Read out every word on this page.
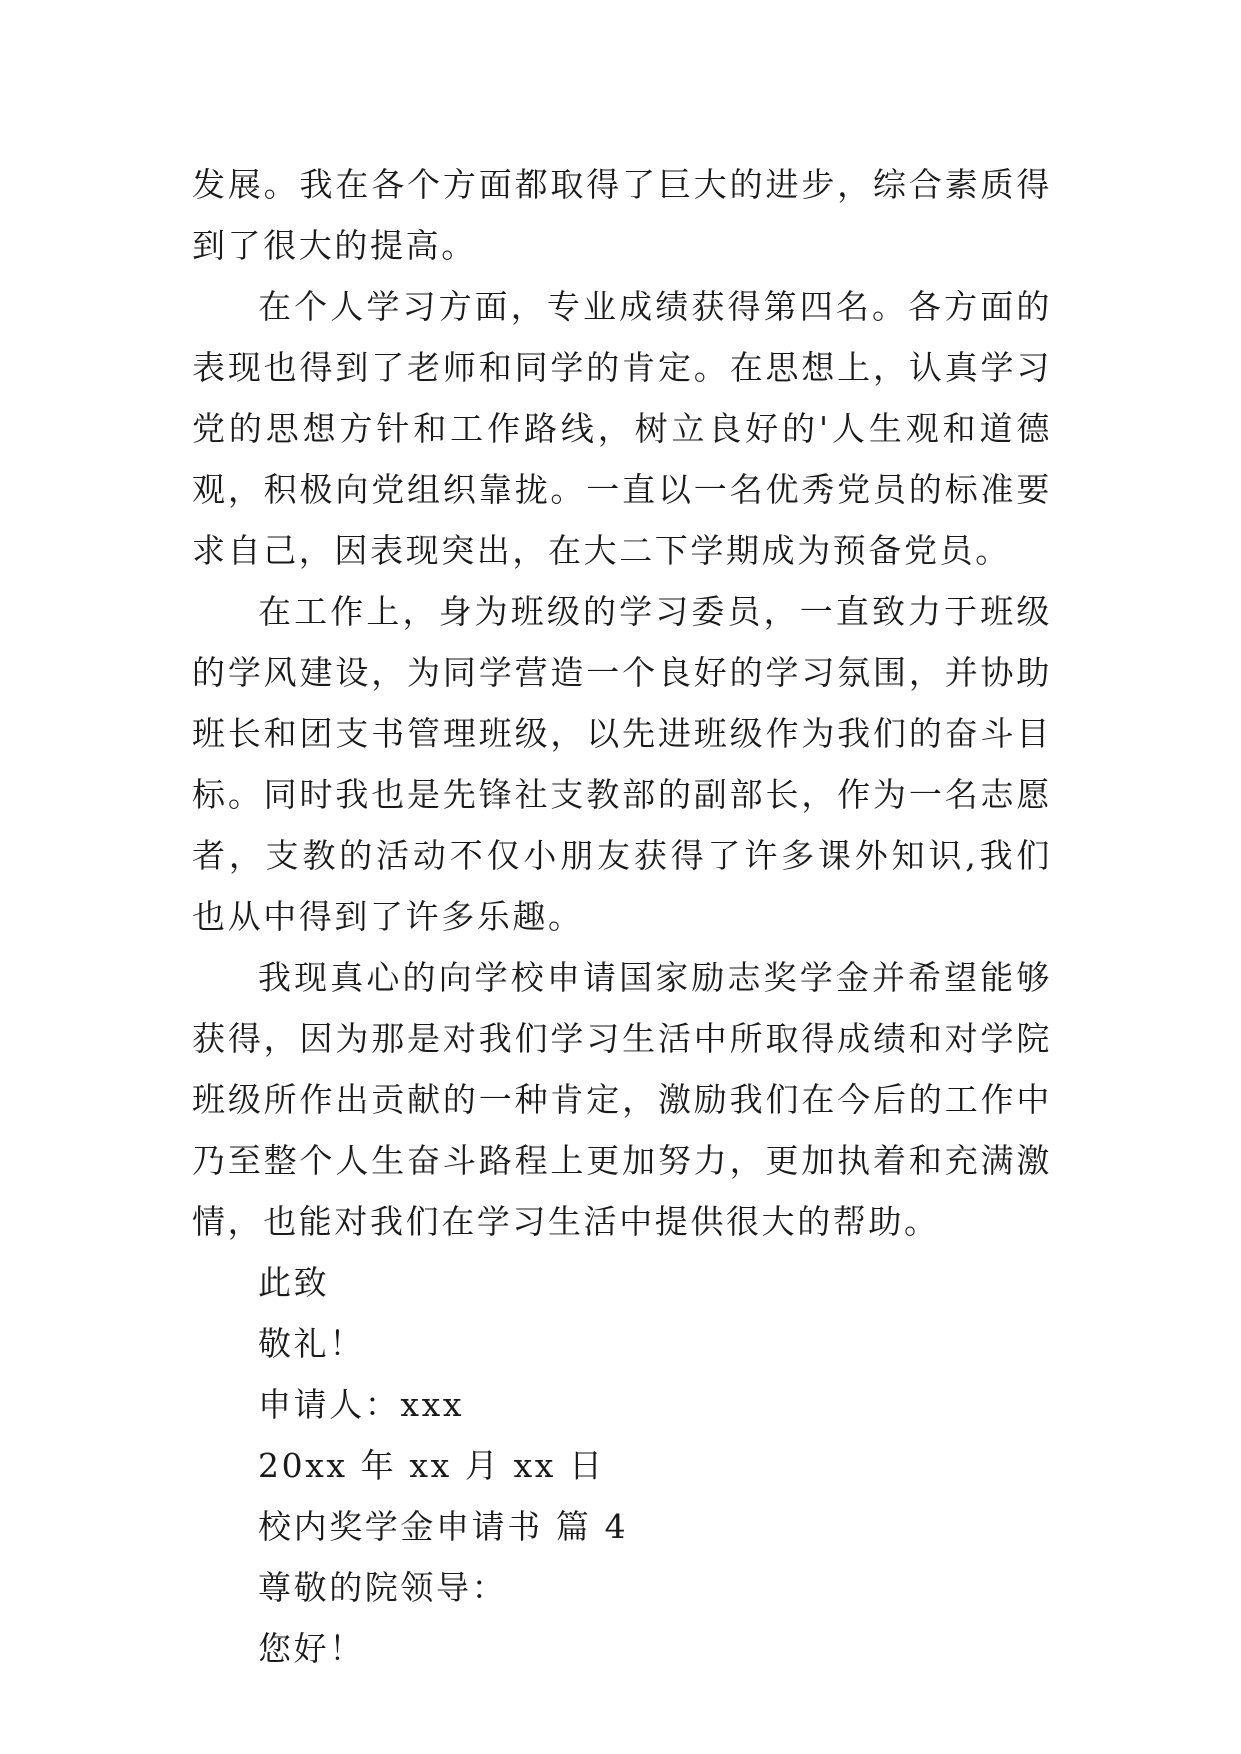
发展。我在各个方面都取得了巨大的进步，综合素质得到了很大的提高。

在个人学习方面，专业成绩获得第四名。各方面的表现也得到了老师和同学的肯定。在思想上，认真学习党的思想方针和工作路线，树立良好的'人生观和道德观，积极向党组织靠拢。一直以一名优秀党员的标准要求自己，因表现突出，在大二下学期成为预备党员。

在工作上，身为班级的学习委员，一直致力于班级的学风建设，为同学营造一个良好的学习氛围，并协助班长和团支书管理班级，以先进班级作为我们的奋斗目标。同时我也是先锋社支教部的副部长，作为一名志愿者，支教的活动不仅小朋友获得了许多课外知识,我们也从中得到了许多乐趣。

我现真心的向学校申请国家励志奖学金并希望能够获得，因为那是对我们学习生活中所取得成绩和对学院班级所作出贡献的一种肯定，激励我们在今后的工作中乃至整个人生奋斗路程上更加努力，更加执着和充满激情，也能对我们在学习生活中提供很大的帮助。

此致

敬礼！

申请人：xxx

20xx 年 xx 月 xx 日

校内奖学金申请书 篇 4

尊敬的院领导：

您好！
